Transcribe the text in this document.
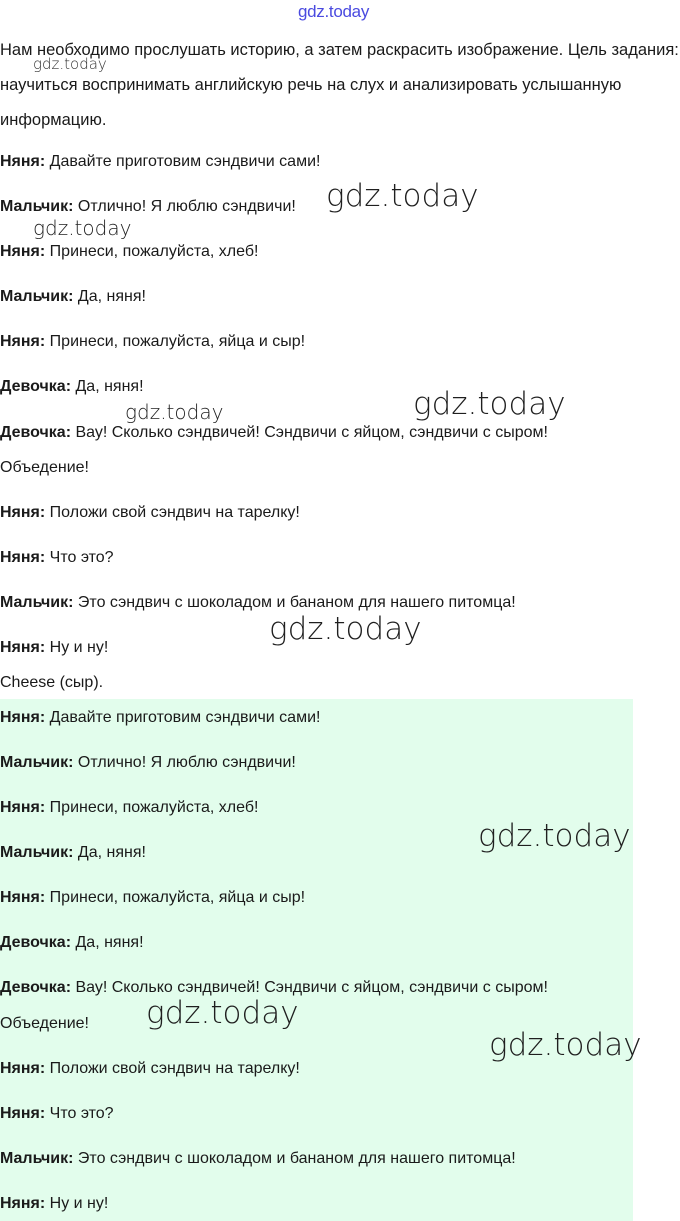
gdz.today

Нам необходимо прослушать историю, а затем раскрасить изображение. Цель задания: научиться воспринимать английскую речь на слух и анализировать услышанную информацию.

Няня: Давайте приготовим сэндвичи сами!
Мальчик: Отлично! Я люблю сэндвичи!
Няня: Принеси, пожалуйста, хлеб!
Мальчик: Да, няня!
Няня: Принеси, пожалуйста, яйца и сыр!
Девочка: Да, няня!
Девочка: Вау! Сколько сэндвичей! Сэндвичи с яйцом, сэндвичи с сыром!
Объедение!
Няня: Положи свой сэндвич на тарелку!
Няня: Что это?
Мальчик: Это сэндвич с шоколадом и бананом для нашего питомца!
Няня: Ну и ну!
Cheese (сыр).
Няня: Давайте приготовим сэндвичи сами!
Мальчик: Отлично! Я люблю сэндвичи!
Няня: Принеси, пожалуйста, хлеб!
Мальчик: Да, няня!
Няня: Принеси, пожалуйста, яйца и сыр!
Девочка: Да, няня!
Девочка: Вау! Сколько сэндвичей! Сэндвичи с яйцом, сэндвичи с сыром!
Объедение!
Няня: Положи свой сэндвич на тарелку!
Няня: Что это?
Мальчик: Это сэндвич с шоколадом и бананом для нашего питомца!
Няня: Ну и ну!
gdz.today
gdz.today
gdz.today
gdz.today	gdz.today
gdz.today
gdz.today
gdz.today
gdz.today
